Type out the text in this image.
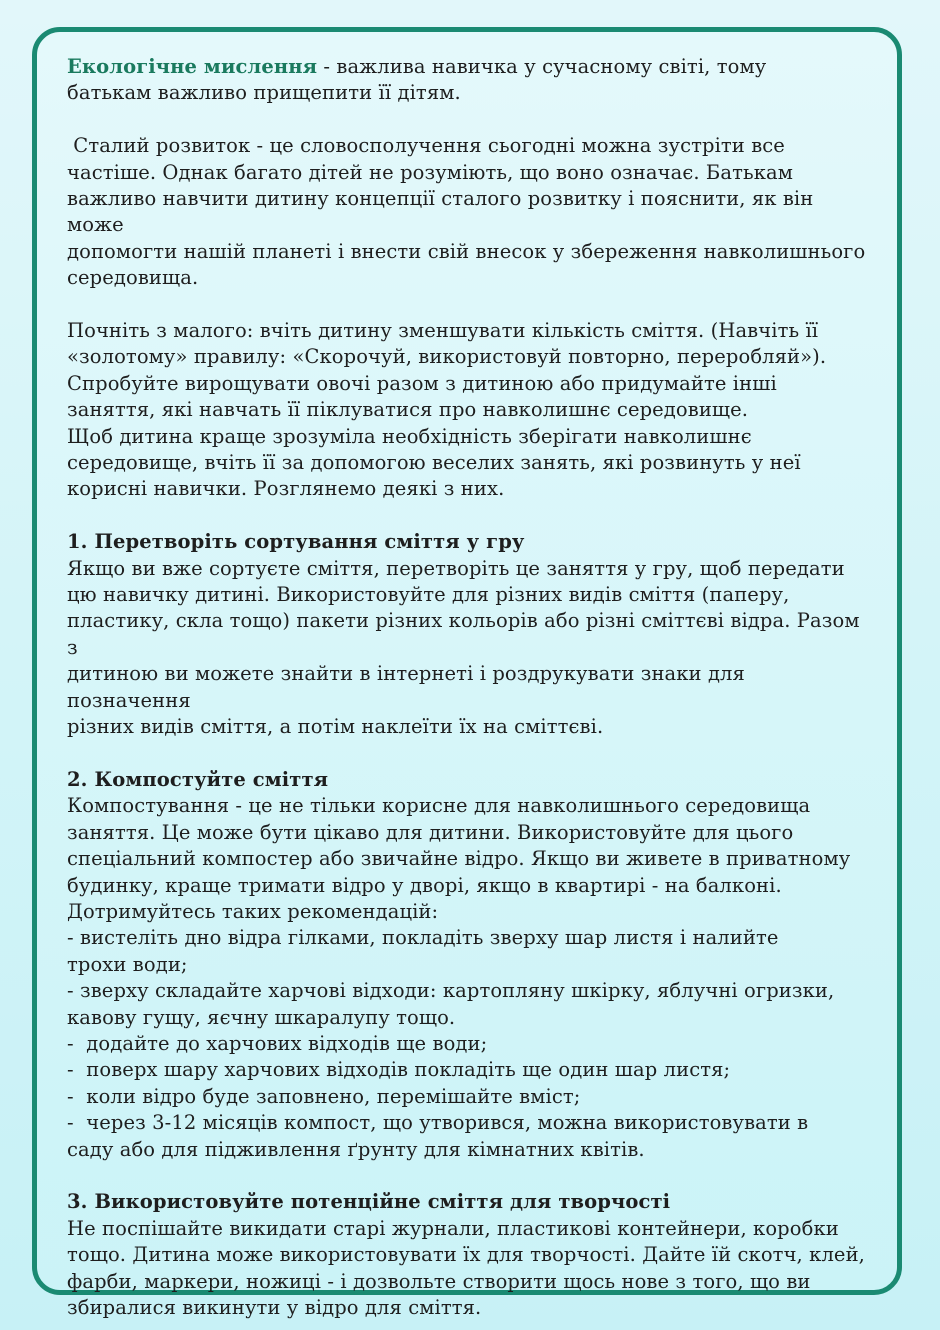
Екологічне мислення - важлива навичка у сучасному світі, тому

батькам важливо прищепити її дітям.

Сталий розвиток - це словосполучення сьогодні можна зустріти все

частіше. Однак багато дітей не розуміють, що воно означає. Батькам

важливо навчити дитину концепції сталого розвитку і пояснити, як він може

допомогти нашій планеті і внести свій внесок у збереження навколишнього

середовища.

Почніть з малого: вчіть дитину зменшувати кількість сміття. (Навчіть її

«золотому» правилу: «Скорочуй, використовуй повторно, переробляй»).

Спробуйте вирощувати овочі разом з дитиною або придумайте інші

заняття, які навчать її піклуватися про навколишнє середовище.

Щоб дитина краще зрозуміла необхідність зберігати навколишнє

середовище, вчіть її за допомогою веселих занять, які розвинуть у неї

корисні навички. Розглянемо деякі з них.

1. Перетворіть сортування сміття у гру

Якщо ви вже сортуєте сміття, перетворіть це заняття у гру, щоб передати

цю навичку дитині. Використовуйте для різних видів сміття (паперу,

пластику, скла тощо) пакети різних кольорів або різні сміттєві відра. Разом з

дитиною ви можете знайти в інтернеті і роздрукувати знаки для позначення

різних видів сміття, а потім наклеїти їх на сміттєві.

2. Компостуйте сміття

Компостування - це не тільки корисне для навколишнього середовища

заняття. Це може бути цікаво для дитини. Використовуйте для цього

спеціальний компостер або звичайне відро. Якщо ви живете в приватному

будинку, краще тримати відро у дворі, якщо в квартирі - на балконі.

Дотримуйтесь таких рекомендацій:

- вистеліть дно відра гілками, покладіть зверху шар листя і налийте

трохи води;

- зверху складайте харчові відходи: картопляну шкірку, яблучні огризки,

кавову гущу, яєчну шкаралупу тощо.

-  додайте до харчових відходів ще води;

-  поверх шару харчових відходів покладіть ще один шар листя;

-  коли відро буде заповнено, перемішайте вміст;

-  через 3-12 місяців компост, що утворився, можна використовувати в

саду або для підживлення ґрунту для кімнатних квітів.

3. Використовуйте потенційне сміття для творчості

Не поспішайте викидати старі журнали, пластикові контейнери, коробки

тощо. Дитина може використовувати їх для творчості. Дайте їй скотч, клей,

фарби, маркери, ножиці - і дозвольте створити щось нове з того, що ви

збиралися викинути у відро для сміття.
